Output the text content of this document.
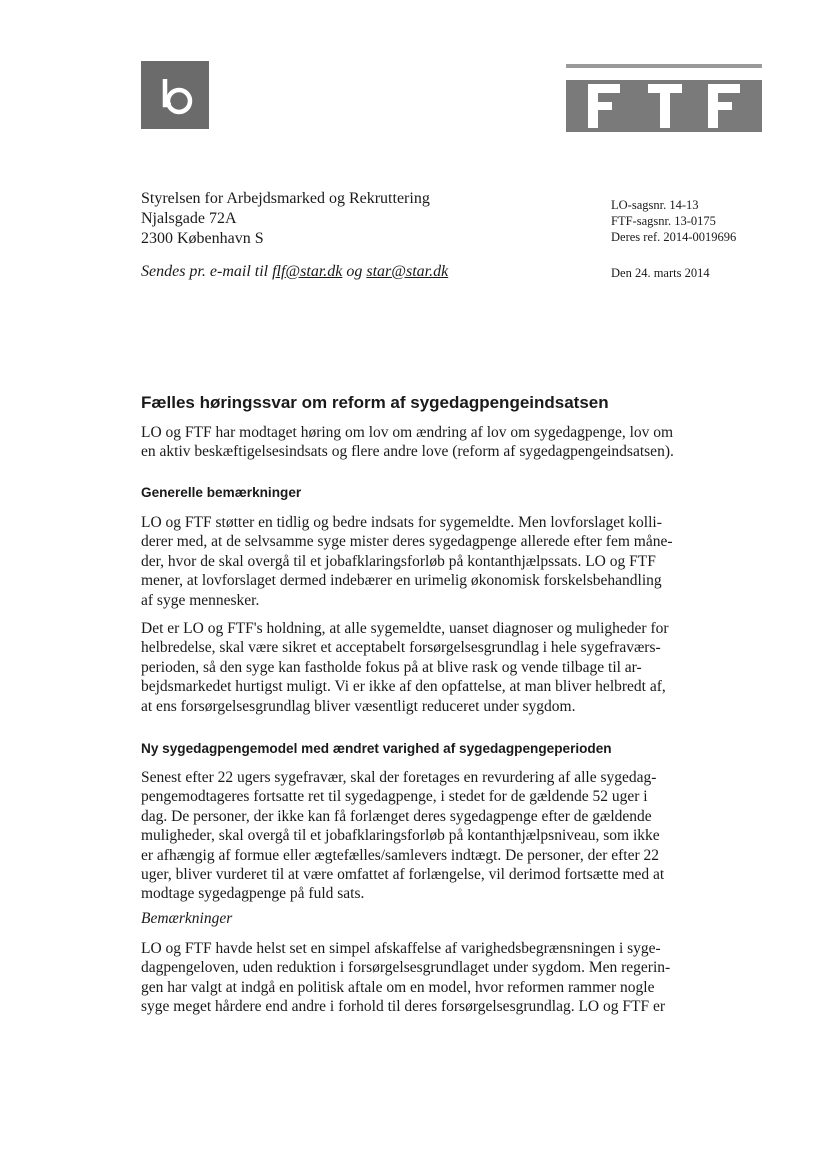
Styrelsen for Arbejdsmarked og Rekruttering
Njalsgade 72A
2300 København S
Sendes pr. e-mail til flf@star.dk og star@star.dk
LO-sagsnr. 14-13
FTF-sagsnr. 13-0175
Deres ref. 2014-0019696
Den 24. marts 2014
Fælles høringssvar om reform af sygedagpengeindsatsen
LO og FTF har modtaget høring om lov om ændring af lov om sygedagpenge, lov om
en aktiv beskæftigelsesindsats og flere andre love (reform af sygedagpengeindsatsen).
Generelle bemærkninger
LO og FTF støtter en tidlig og bedre indsats for sygemeldte. Men lovforslaget kolli-
derer med, at de selvsamme syge mister deres sygedagpenge allerede efter fem måne-
der, hvor de skal overgå til et jobafklaringsforløb på kontanthjælpssats. LO og FTF
mener, at lovforslaget dermed indebærer en urimelig økonomisk forskelsbehandling
af syge mennesker.
Det er LO og FTF's holdning, at alle sygemeldte, uanset diagnoser og muligheder for
helbredelse, skal være sikret et acceptabelt forsørgelsesgrundlag i hele sygefraværs-
perioden, så den syge kan fastholde fokus på at blive rask og vende tilbage til ar-
bejdsmarkedet hurtigst muligt. Vi er ikke af den opfattelse, at man bliver helbredt af,
at ens forsørgelsesgrundlag bliver væsentligt reduceret under sygdom.
Ny sygedagpengemodel med ændret varighed af sygedagpengeperioden
Senest efter 22 ugers sygefravær, skal der foretages en revurdering af alle sygedag-
pengemodtageres fortsatte ret til sygedagpenge, i stedet for de gældende 52 uger i
dag. De personer, der ikke kan få forlænget deres sygedagpenge efter de gældende
muligheder, skal overgå til et jobafklaringsforløb på kontanthjælpsniveau, som ikke
er afhængig af formue eller ægtefælles/samlevers indtægt. De personer, der efter 22
uger, bliver vurderet til at være omfattet af forlængelse, vil derimod fortsætte med at
modtage sygedagpenge på fuld sats.
Bemærkninger
LO og FTF havde helst set en simpel afskaffelse af varighedsbegrænsningen i syge-
dagpengeloven, uden reduktion i forsørgelsesgrundlaget under sygdom. Men regerin-
gen har valgt at indgå en politisk aftale om en model, hvor reformen rammer nogle
syge meget hårdere end andre i forhold til deres forsørgelsesgrundlag. LO og FTF er
